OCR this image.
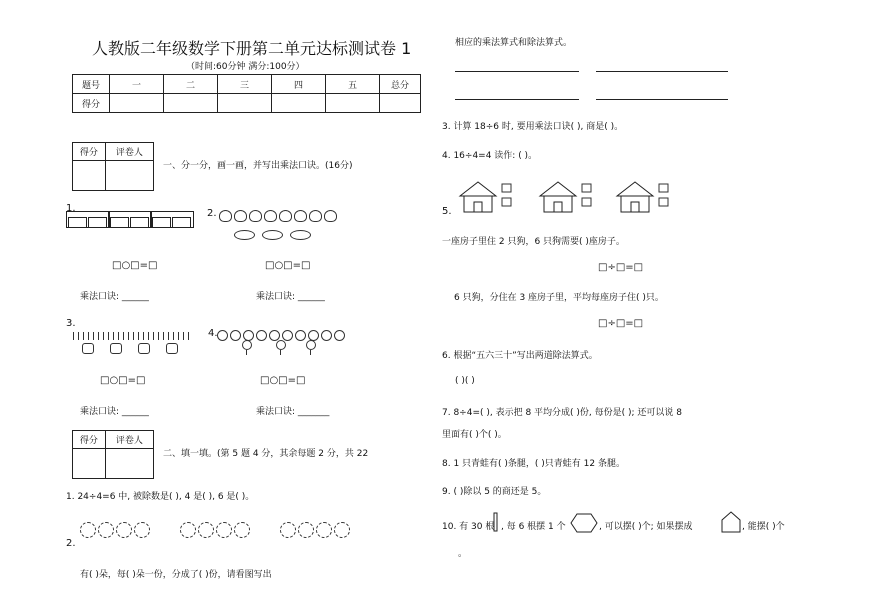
人教版二年级数学下册第二单元达标测试卷 1
（时间:60分钟 满分:100分）
题号	一	二	三	四	五	总分
得分						
得分	评卷人

一、分一分，画一画，并写出乘法口诀。(16分)
1.	2.
□○□=□	□○□=□
乘法口诀: ______	乘法口诀: ______
3.
4.
□○□=□	□○□=□
乘法口诀: ______	乘法口诀: _______
得分	评卷人

二、填一填。(第 5 题 4 分，其余每题 2 分，共 22
1. 24÷4=6 中, 被除数是( ), 4 是( ), 6 是( )。
2.
有( )朵，每( )朵一份，分成了( )份，请看图写出
相应的乘法算式和除法算式。
3. 计算 18÷6 时, 要用乘法口诀( ), 商是( )。
4. 16÷4=4 读作: ( )。
5.
一座房子里住 2 只狗，6 只狗需要( )座房子。
□÷□=□
6 只狗，分住在 3 座房子里，平均每座房子住( )只。
□÷□=□
6. 根据“五六三十”写出两道除法算式。
( )( )
7. 8÷4=( ), 表示把 8 平均分成( )份, 每份是( ); 还可以说 8
里面有( )个( )。
8. 1 只青蛙有( )条腿，( )只青蛙有 12 条腿。
9. ( )除以 5 的商还是 5。
10. 有 30 根 , 每 6 根摆 1 个	, 可以摆( )个; 如果摆成	, 能摆( )个
。
